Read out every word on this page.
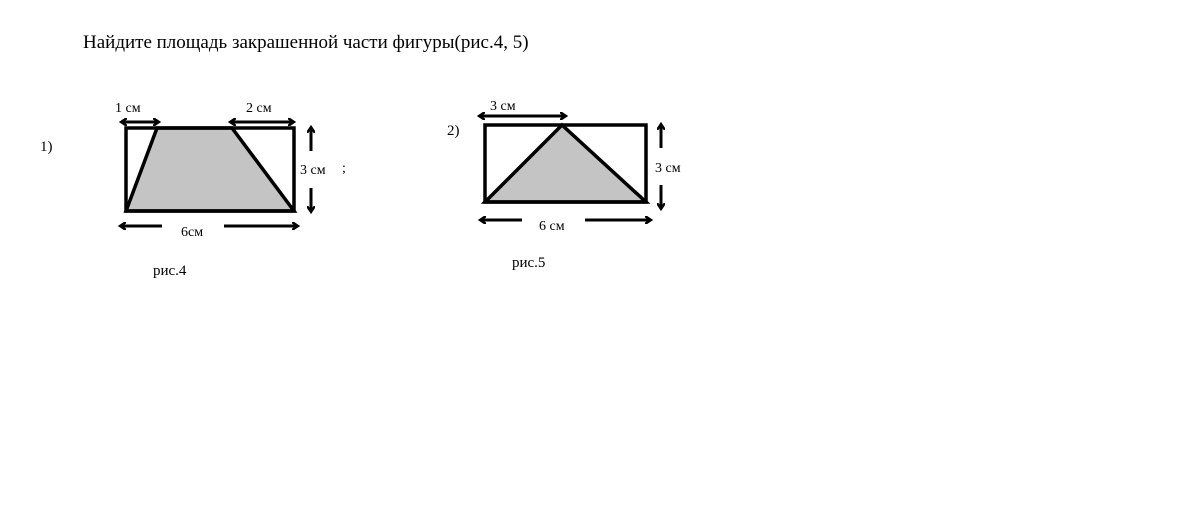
Найдите площадь закрашенной части фигуры(рис.4, 5)
1)
2)
1 см	2 см
3 см ;
6см
3 см
3 см
6 см
рис.4	рис.5
